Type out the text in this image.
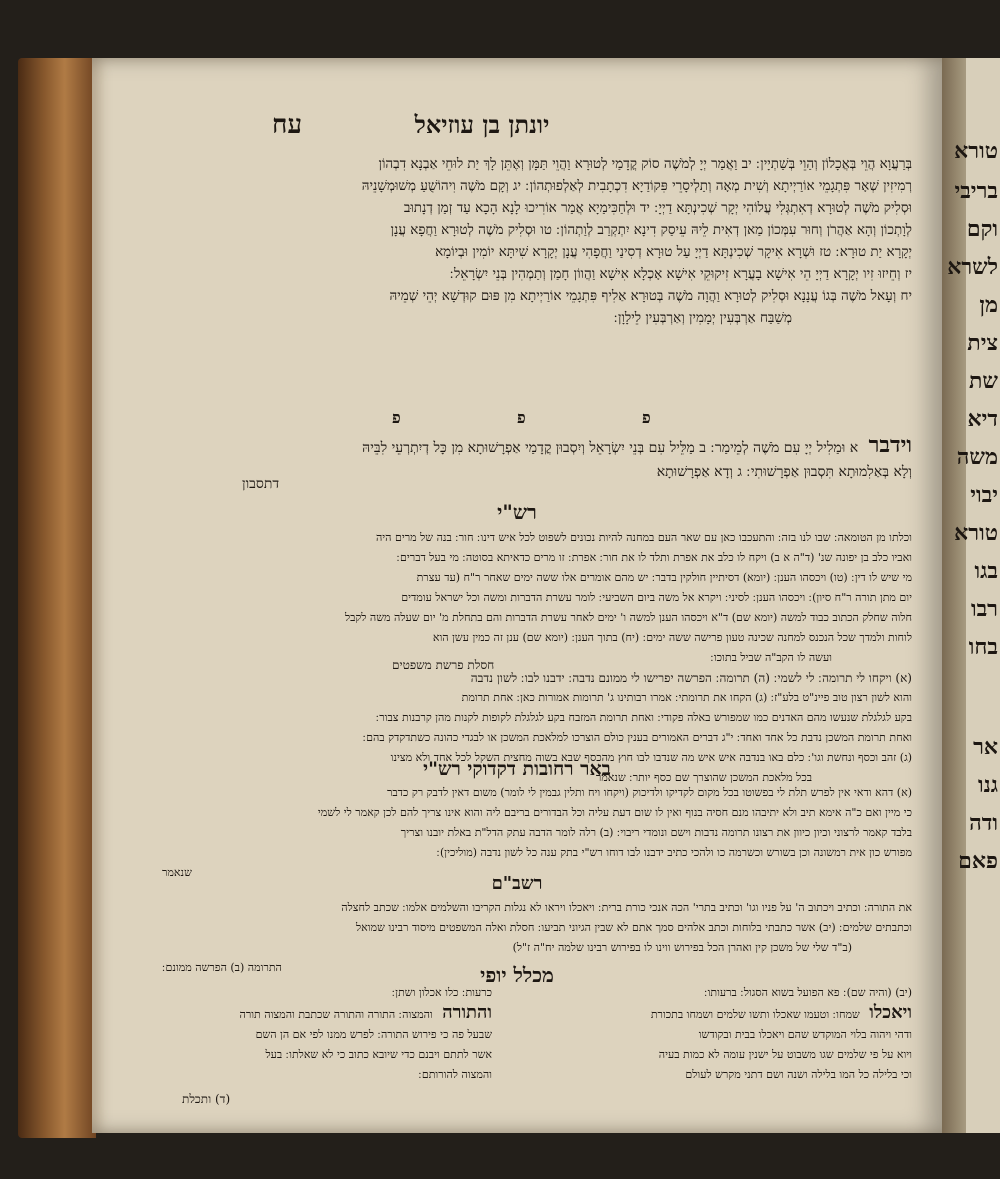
יונתן בן עוזיאל
עח
בְּרַעֲוָא הֲוֵי בְּאֲכָלוֹן וְהַוֵי בְּשַׁתְיָין ׃ יב וַאֲמַר יְיָ לְמֹשֶׁה סוֹק קֳדָמַי לְטוּרָא וַהֲוֵי תַּמָּן וְאֶתֵּן לָךְ יַת לוּחֵי אַבְנָא דִבְהוֹן
רְמִיזִין שְׁאָר פִּתְגָמֵי אוֹרַיְיתָא וְשִׁית מְאָה וְתַלְיסָרֵי פִּקוֹדַיָא דִכְתָבִית לְאַלְפוּתְהוֹן ׃ יג וְקָם מֹשֶׁה וִיהוֹשֻׁעַ מְשׁוּמְשָׁנֵיהּ
וּסְלִיק מֹשֶׁה לְטוּרָא דְאִתְגְּלִי עֲלוֹהִי יְקָר שְׁכִינְתָּא דַיְיָ ׃ יד וּלְחַכִּימַיָא אֲמַר אוֹרִיכוּ לָנָא הָכָא עַד זְמַן דְנָתוּב
לְוָתְכוֹן וְהָא אַהֲרֹן וְחוּר עִמְּכוֹן מַאן דְאִית לֵיהּ עֵיסַק דִינָא יִתְקְרַב לְוַתְהוֹן ׃ טו וּסְלִיק מֹשֶׁה לְטוּרָא וַחֲפָא עֲנָן
יְקָרָא יַת טוּרָא ׃ טז וּשְׁרָא אִיקָר שְׁכִינְתָּא דַיְיָ עַל טוּרָא דְסִינַי וַחֲפָהִי עֲנָן יְקָרָא שִׁיתָּא יוֹמִין וּבְיוֹמָא
יז וְחֵיזוּ זִיו יְקָרָא דַיְיָ הֵי אִישָׁא בָעֲרָא זִיקוּקֵי אִישָׁא אָכְלָא אִישָׁא וַהֲווֹן חָמַן וְתַמְהִין בְּנֵי יִשְׂרָאֵל ׃
יח וְעָאל מֹשֶׁה בְּגוֹ עֲנָנָא וּסְלִיק לְטוּרָא וַהֲוָה מֹשֶׁה בְּטוּרָא אַלִיף פִּתְגָמֵי אוֹרַיְיתָא מִן פּוּם קוּדְשָׁא יְהֵי שְׁמֵיהּ
מְשַׁבַּח אַרְבְּעִין יְמָמִין וְאַרְבְּעִין לֵילָוָן ׃
פ	פ	פ
וידבר א וּמַלִיל יְיָ עִם מֹשֶׁה לְמֵימַר ׃ ב מַלֵּיל עִם בְּנֵי יִשְׂרָאֵל וְיִסְבוּן קֳדָמַי אַפְרָשׁוּתָא מִן כָּל דְיִתְרְעֵי לִבֵּיהּ
וְלָא בְּאַלִמוּתָא תִּסְבוּן אַפְרָשׁוּתִי ׃ ג וְדָא אַפְרָשׁוּתָא
דתסבון
רש"י
וכלתו מן הטומאה ׃ שבו לנו בזה ׃ והתעכבו כאן עם שאר העם במחנה להיות נכונים לשפוט לכל איש דינו ׃ חור ׃ בנה של מרים היה
ואביו כלב בן יפונה שנ' (ד"ה א ב) ויקח לו כלב את אפרת ותלד לו את חור ׃ אפרת ׃ זו מרים כדאיתא בסוטה ׃ מי בעל דברים ׃
מי שיש לו דין ׃ (טו) ויכסהו הענן ׃ (יומא) דסיתיין חולקין בדבר ׃ יש מהם אומרים אלו ששה ימים שאחר ר"ח (עד עצרת
יום מתן תורה ר"ח סיון) ׃ ויכסהו הענן ׃ לסיני ׃ ויקרא אל משה ביום השביעי ׃ לומר עשרת הדברות ומשה וכל ישראל עומדים
חלוה שחלק הכתוב כבוד למשה (יומא שם) ד"א ויכסהו הענן למשה ו' ימים לאחר עשרת הדברות והם בתחלת מ' יום שעלה משה לקבל
לוחות ולמדך שכל הנכנס למחנה שכינה טעון פרישה ששה ימים ׃ (יח) בתוך הענן ׃ (יומא שם) ענן זה כמין עשן הוא
ועשה לו הקב"ה שביל בתוכו ׃
(א) ויקחו לי תרומה ׃ לי לשמי ׃ (ה) תרומה ׃ הפרשה יפרישו לי ממונם נדבה ׃ ידבנו לבו ׃ לשון נדבה
והוא לשון רצון טוב פיינ"ט בלע"ז ׃ (ג) הקחו את תרומתי ׃ אמרו רבותינו ג' תרומות אמורות כאן ׃ אחת תרומת
בקע לגלגלת שנעשו מהם האדנים כמו שמפורש באלה פקודי ׃ ואחת תרומת המזבח בקע לגלגלת לקופות לקנות מהן קרבנות צבור ׃
ואחת תרומת המשכן נדבת כל אחד ואחד ׃ י"ג דברים האמורים בענין כולם הוצרכו למלאכת המשכן או לבגדי כהונה כשתדקדק בהם ׃
(ג) זהב וכסף ונחשת וגו' ׃ כלם באו בנדבה איש איש מה שנדבו לבו חוץ מהכסף שבא בשוה מחצית השקל לכל אחד ולא מצינו
בכל מלאכת המשכן שהוצרך שם כסף יותר ׃ שנאמר
חסלת פרשת משפטים
באר רחובות דקדוקי רש"י
(א) דהא ודאי אין לפרש תלת לי בפשוטו בכל מקום לקדיקו ולדיכוק (ויקחו ויח ותלין גבמין לי לומר) משום דאין לדבק רק כדבר
כי מיין ואם כ"ה אימא תיב ולא יתיבהו מנם חסיה בנוף ואין לו שום דעת עליה וכל הבדורים בריבם ליה והוא אינו צריך להם לכן קאמר לי לשמי
בלבד קאמר לרצוני וכיון כיוון את רצונו תרומה נדבות וישם ונומדי ריבוי ׃ (ב) רלה לומר הדבה עתק הדל"ת באלת יובנו וצריך
מפורש כון אית רמשונה וכן בשורש וכשרמה כו ולהכי כתיב ידבנו לבו דוחו רש"י בתק ענה כל לשון נדבה (מוליכין) ׃
שנאמר
רשב"ם
את התורה ׃ וכתיב ויכתוב ה' על פניו וגו' וכתיב בתרי' הכה אנכי כורת ברית ׃ ויאכלו ויראו לא נגלות הקריבו והשלמים אלמו ׃ שכתב לחצלה
וכתבתים שלמים ׃ (יב) אשר כתבתי בלוחות וכתב אלהים סמך אתם לא שבין הגיוני תביעו ׃ חסלת ואלה המשפטים מיסוד רבינו שמואל
(ב"ד שלי של משכן קין ואהרן הכל בפירוש ווינו לו בפירוש רבינו שלמה יח"ה ז"ל)
התרומה (ב) הפרשה ממונם ׃	מכלל יופי
(יב) (והיה שם) ׃ פא הפועל בשוא הסגול ׃ ברעותו ׃
ויאכלו שמחו ׃ וטעמו שאכלו ותשו שלמים ושמחו בתכורת
ודהי ויהוה בלוי המוקדש שהם ויאכלו בבית ובקודשו
ויוא על פי שלמים שגו משבוט על ישנין עומה לא כמות בעיה
וכי בלילה כל המו בלילה ושנה ושם דתני מקרש לעולם
כרעות ׃ כלו אכלון ושתן ׃
והתורה והמצוה ׃ התורה והתורה שכתבת והמצוה תורה
שבעל פה כי פירוש התורה ׃ לפרש ממנו לפי אם הן השם
אשר לתתם ויבנם כדי שיובא כתוב כי לא שאלתו ׃ בעל
והמצוה להורותם ׃
(ד) ותכלת
טורא
בריבי
וקם
לשרא
מן
צית
שת
דיא
משה
יבוי
טורא
בגו
רבו
בחו
אר
גנו
ודה
פאם
